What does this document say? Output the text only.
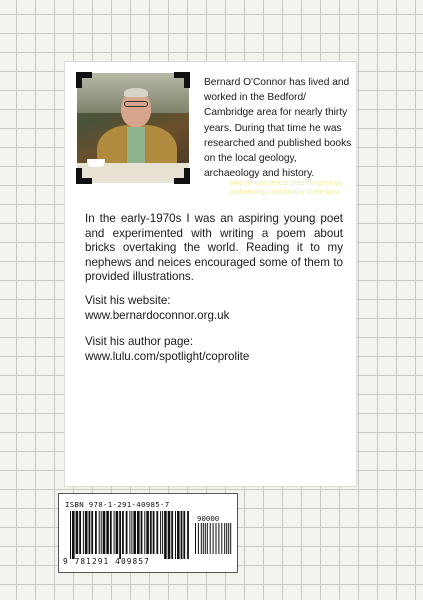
Bernard O'Connor has lived and worked in the Bedford/ Cambridge area for nearly thirty years. During that time he was researched and published books on the local geology, archaeology and history.
time he was researched the geology, archaeology and history of the area
In the early-1970s I was an aspiring young poet and experimented with writing a poem about bricks overtaking the world. Reading it to my nephews and neices encouraged some of them to provided illustrations.
Visit his website:
www.bernardoconnor.org.uk
Visit his author page:
www.lulu.com/spotlight/coprolite
ISBN 978-1-291-40985-7
90000
9 781291 409857
